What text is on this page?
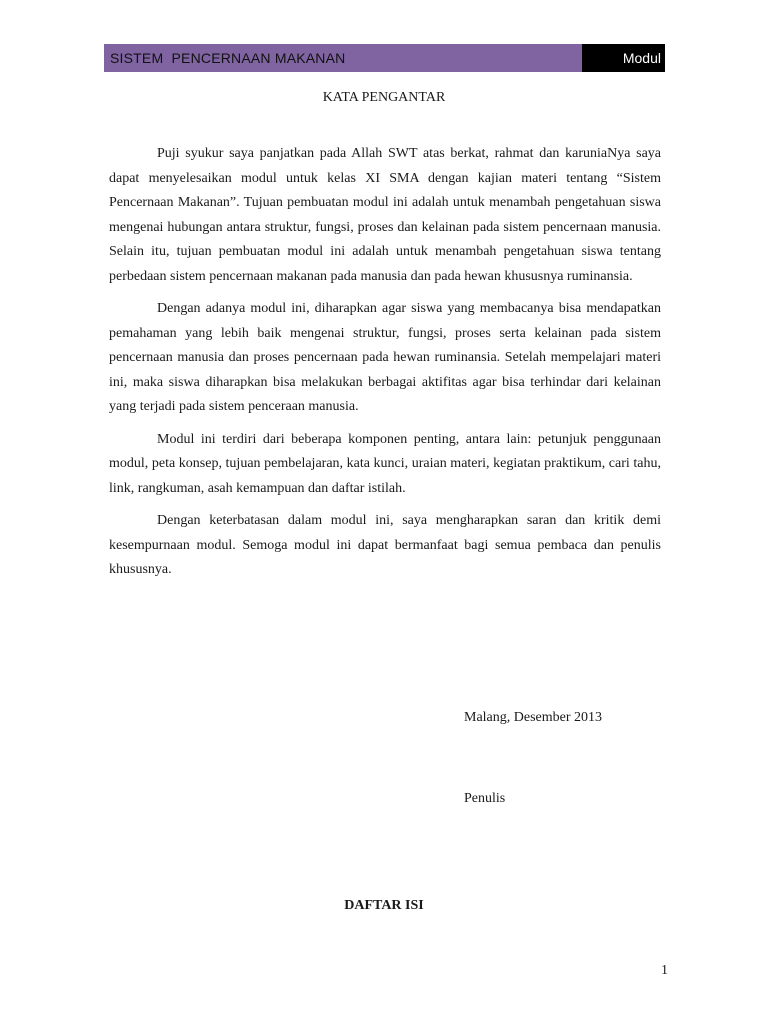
SISTEM  PENCERNAAN MAKANAN	Modul
KATA PENGANTAR

Puji syukur saya panjatkan pada Allah SWT atas berkat, rahmat dan karuniaNya saya dapat menyelesaikan modul untuk kelas XI SMA dengan kajian materi tentang “Sistem Pencernaan Makanan”. Tujuan pembuatan modul ini adalah untuk menambah pengetahuan siswa mengenai hubungan antara struktur, fungsi, proses dan kelainan pada sistem pencernaan manusia. Selain itu, tujuan pembuatan modul ini adalah untuk menambah pengetahuan siswa tentang perbedaan sistem pencernaan makanan pada manusia dan pada hewan khususnya ruminansia.

Dengan adanya modul ini, diharapkan agar siswa yang membacanya bisa mendapatkan pemahaman yang lebih baik mengenai struktur, fungsi, proses serta kelainan pada sistem pencernaan manusia dan proses pencernaan pada hewan ruminansia. Setelah mempelajari materi ini, maka siswa diharapkan bisa melakukan berbagai aktifitas agar bisa terhindar dari kelainan yang terjadi pada sistem penceraan manusia.

Modul ini terdiri dari beberapa komponen penting, antara lain: petunjuk penggunaan modul, peta konsep, tujuan pembelajaran, kata kunci, uraian materi, kegiatan praktikum, cari tahu, link, rangkuman, asah kemampuan dan daftar istilah.

Dengan keterbatasan dalam modul ini, saya mengharapkan saran dan kritik demi kesempurnaan modul. Semoga modul ini dapat bermanfaat bagi semua pembaca dan penulis khususnya.

Malang, Desember 2013
Penulis
DAFTAR ISI
1
